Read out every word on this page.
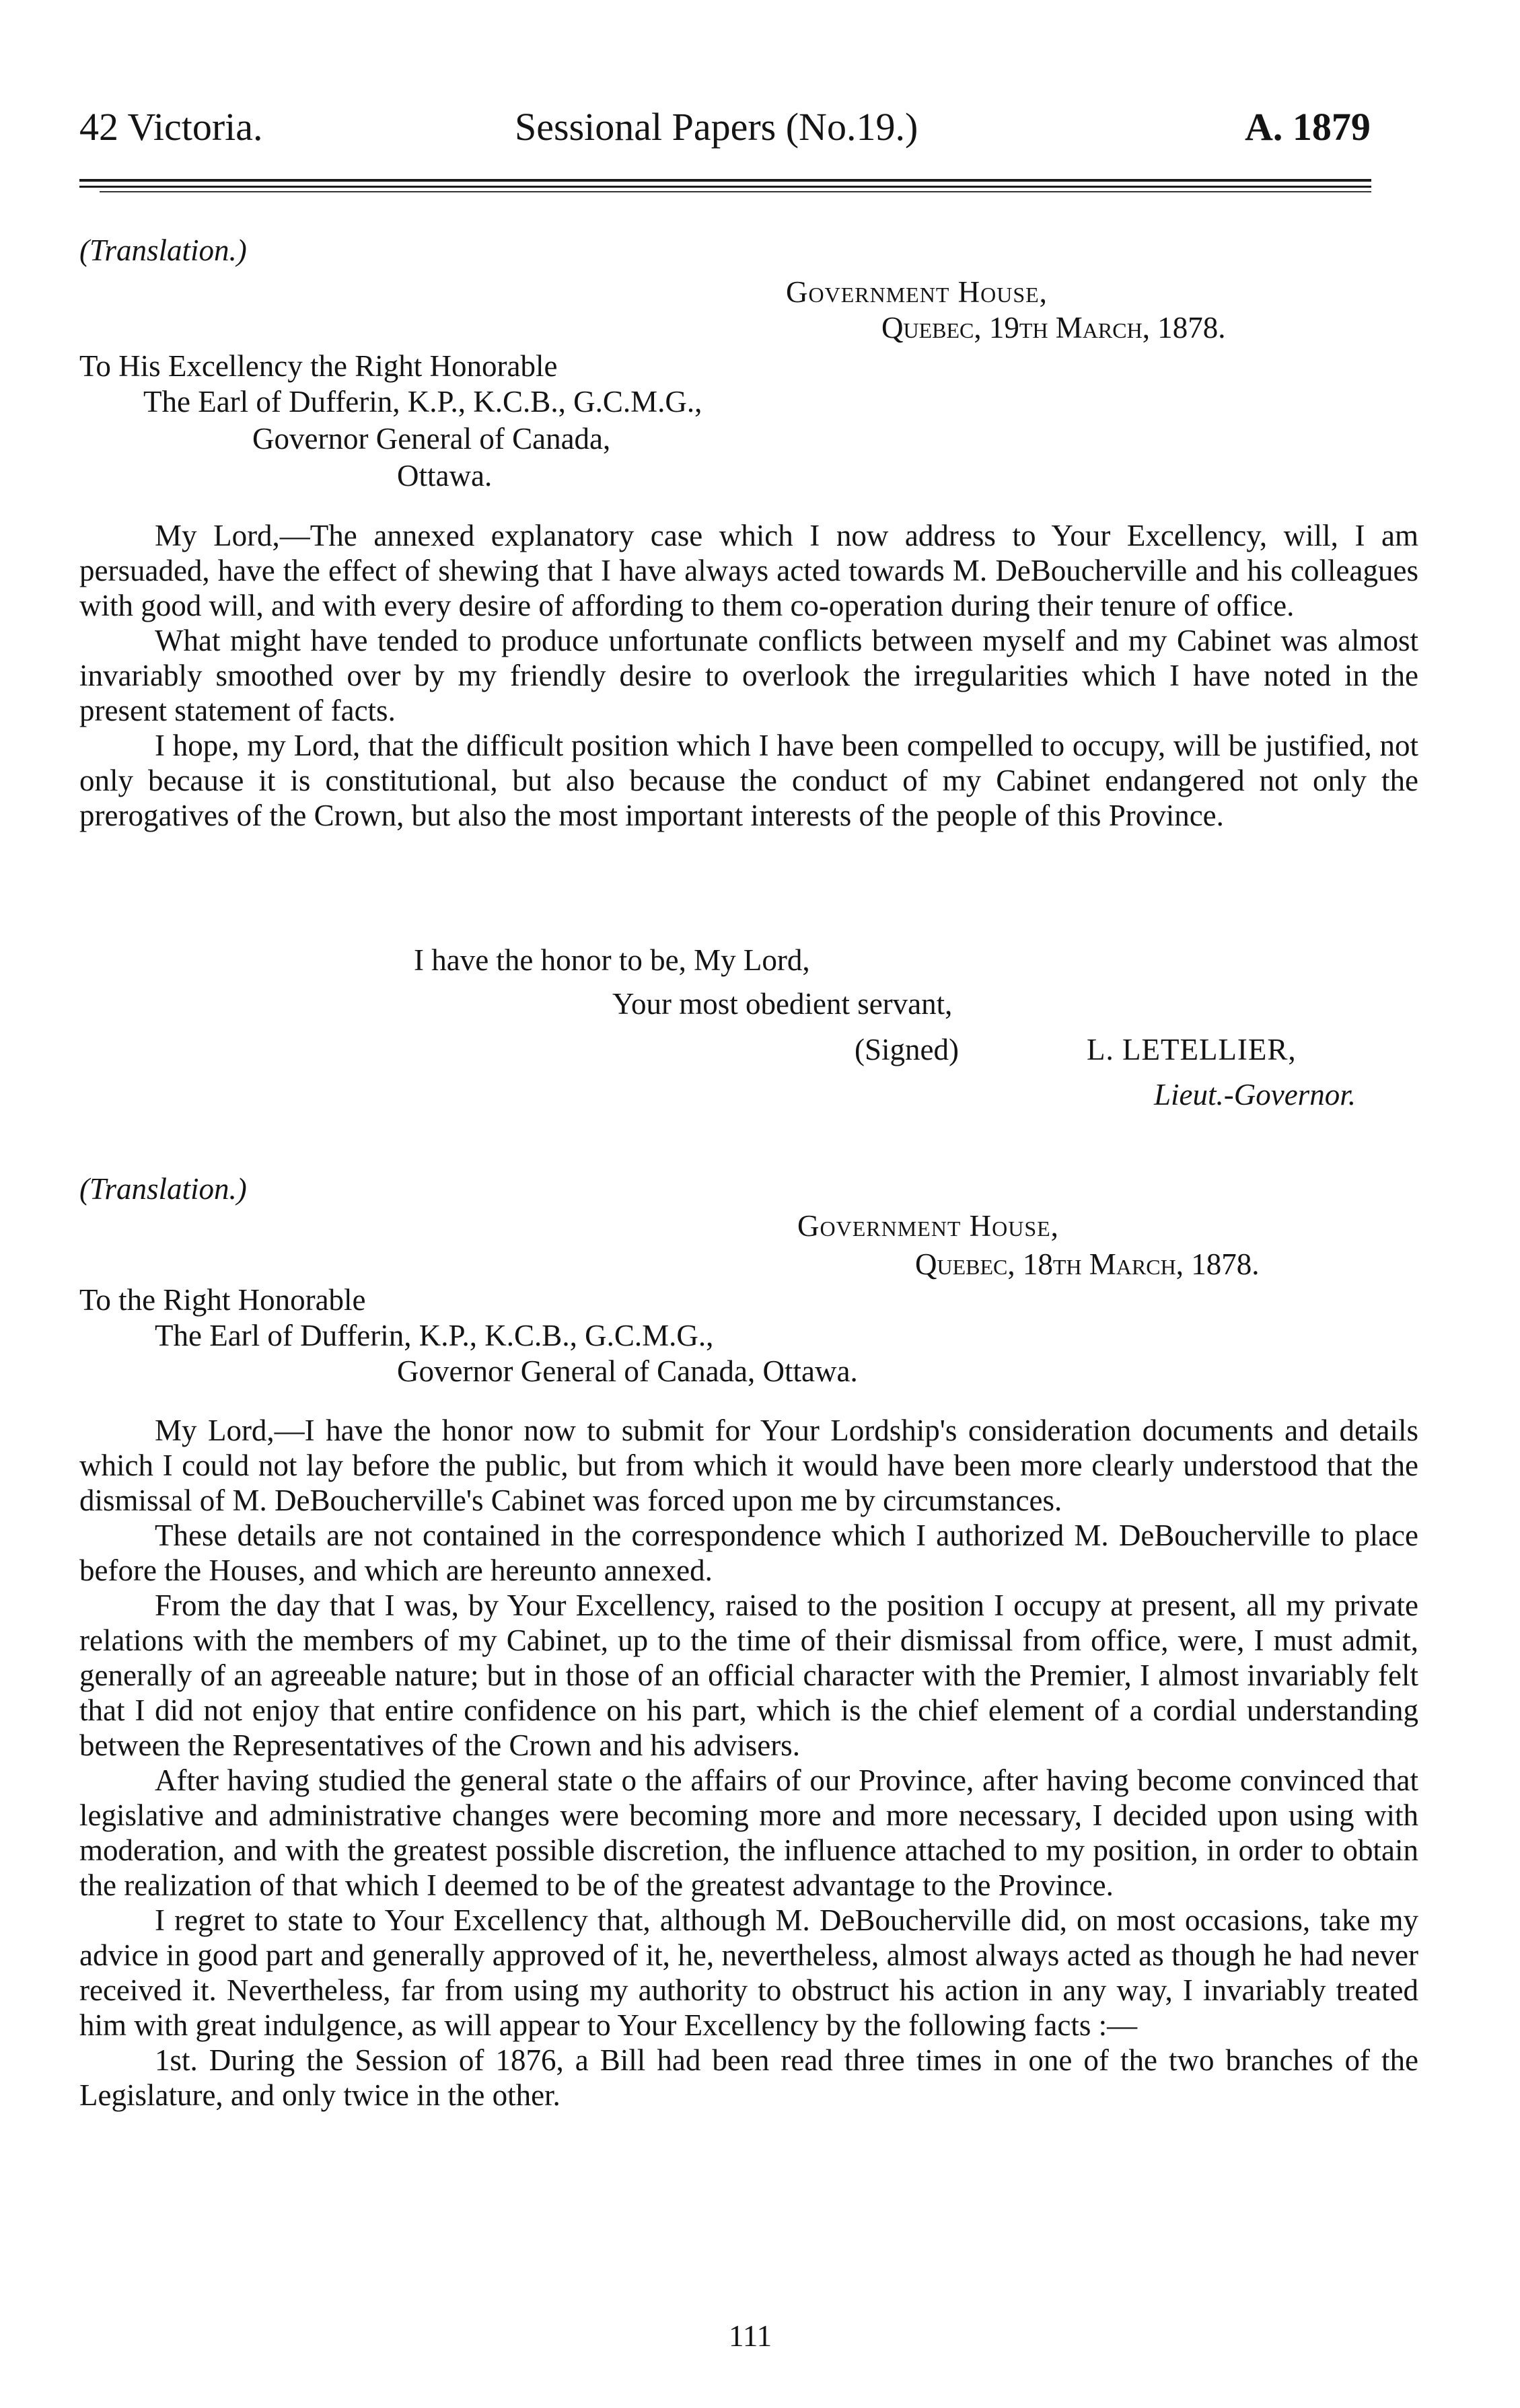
42 Victoria.	Sessional Papers (No.19.)	A. 1879
(Translation.)
Government House,
Quebec, 19th March, 1878.
To His Excellency the Right Honorable
The Earl of Dufferin, K.P., K.C.B., G.C.M.G.,
Governor General of Canada,
Ottawa.

My Lord,—The annexed explanatory case which I now address to Your Excellency, will, I am persuaded, have the effect of shewing that I have always acted towards M. DeBoucherville and his colleagues with good will, and with every desire of affording to them co-operation during their tenure of office.

What might have tended to produce unfortunate conflicts between myself and my Cabinet was almost invariably smoothed over by my friendly desire to overlook the irregularities which I have noted in the present statement of facts.

I hope, my Lord, that the difficult position which I have been compelled to occupy, will be justified, not only because it is constitutional, but also because the conduct of my Cabinet endangered not only the prerogatives of the Crown, but also the most important interests of the people of this Province.

I have the honor to be, My Lord,
Your most obedient servant,
(Signed)	L. LETELLIER,
Lieut.-Governor.
(Translation.)
Government House,
Quebec, 18th March, 1878.
To the Right Honorable
The Earl of Dufferin, K.P., K.C.B., G.C.M.G.,
Governor General of Canada, Ottawa.

My Lord,—I have the honor now to submit for Your Lordship's consideration documents and details which I could not lay before the public, but from which it would have been more clearly understood that the dismissal of M. DeBoucherville's Cabinet was forced upon me by circumstances.

These details are not contained in the correspondence which I authorized M. DeBoucherville to place before the Houses, and which are hereunto annexed.

From the day that I was, by Your Excellency, raised to the position I occupy at present, all my private relations with the members of my Cabinet, up to the time of their dismissal from office, were, I must admit, generally of an agreeable nature; but in those of an official character with the Premier, I almost invariably felt that I did not enjoy that entire confidence on his part, which is the chief element of a cordial understanding between the Representatives of the Crown and his advisers.

After having studied the general state o the affairs of our Province, after having become convinced that legislative and administrative changes were becoming more and more necessary, I decided upon using with moderation, and with the greatest possible discretion, the influence attached to my position, in order to obtain the realization of that which I deemed to be of the greatest advantage to the Province.

I regret to state to Your Excellency that, although M. DeBoucherville did, on most occasions, take my advice in good part and generally approved of it, he, nevertheless, almost always acted as though he had never received it. Nevertheless, far from using my authority to obstruct his action in any way, I invariably treated him with great indulgence, as will appear to Your Excellency by the following facts :—

1st. During the Session of 1876, a Bill had been read three times in one of the two branches of the Legislature, and only twice in the other.

111
